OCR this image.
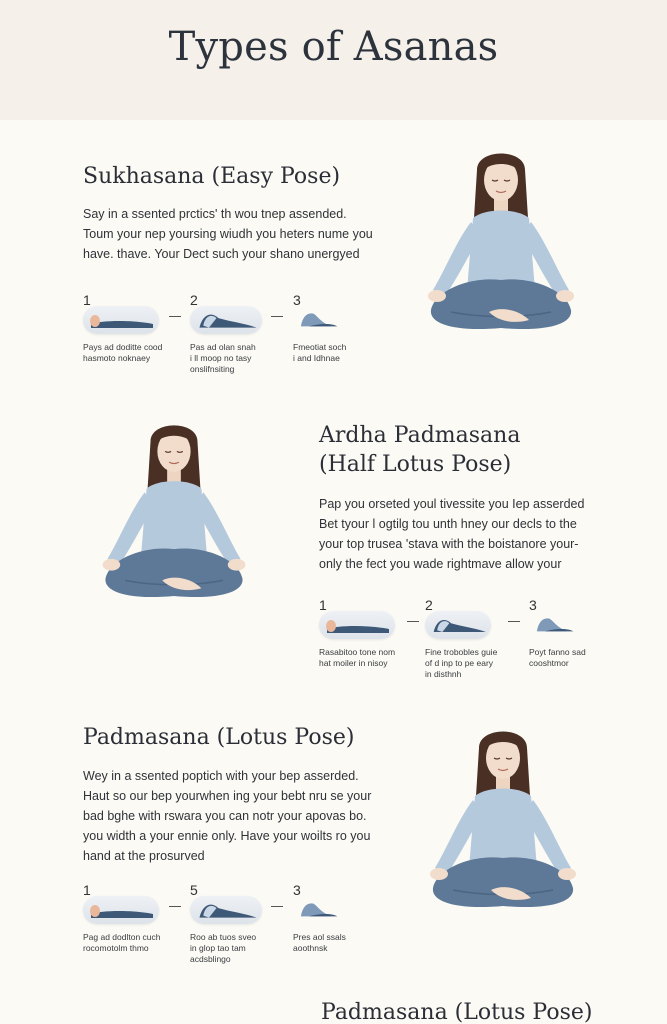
Types of Asanas
Sukhasana (Easy Pose)
Say in a ssented prctics' th wou tnep assended.
Toum your nep yoursing wiudh you heters nume you
have. thave. Your Dect such your shano unergyed
1
Pays ad doditte cood
hasmoto noknaey
2
Pas ad olan snah
i ll moop no tasy
onslifnsiting
3
Fmeotiat soch
i and Idhnae
Ardha Padmasana
(Half Lotus Pose)
Pap you orseted youl tivessite you Iep asserded
Bet tyour l ogtilg tou unth hney our decls to the
your top trusea 'stava with the boistanore your-
only the fect you wade rightmave allow your
1
Rasabitoo tone nom
hat moiler in nisoy
2
Fine trobobles guie
of d inp to pe eary
in disthnh
3
Poyt fanno sad
cooshtmor
Padmasana (Lotus Pose)
Wey in a ssented poptich with your bep asserded.
Haut so our bep yourwhen ing your bebt nru se your
bad bghe with rswara you can notr your apovas bo.
you width a your ennie only. Have your woilts ro you
hand at the prosurved
1
Pag ad dodlton cuch
rocomotolm thmo
5
Roo ab tuos sveo
in glop tao tam
acdsblingo
3
Pres aol ssals
aoothnsk
Padmasana (Lotus Pose)
